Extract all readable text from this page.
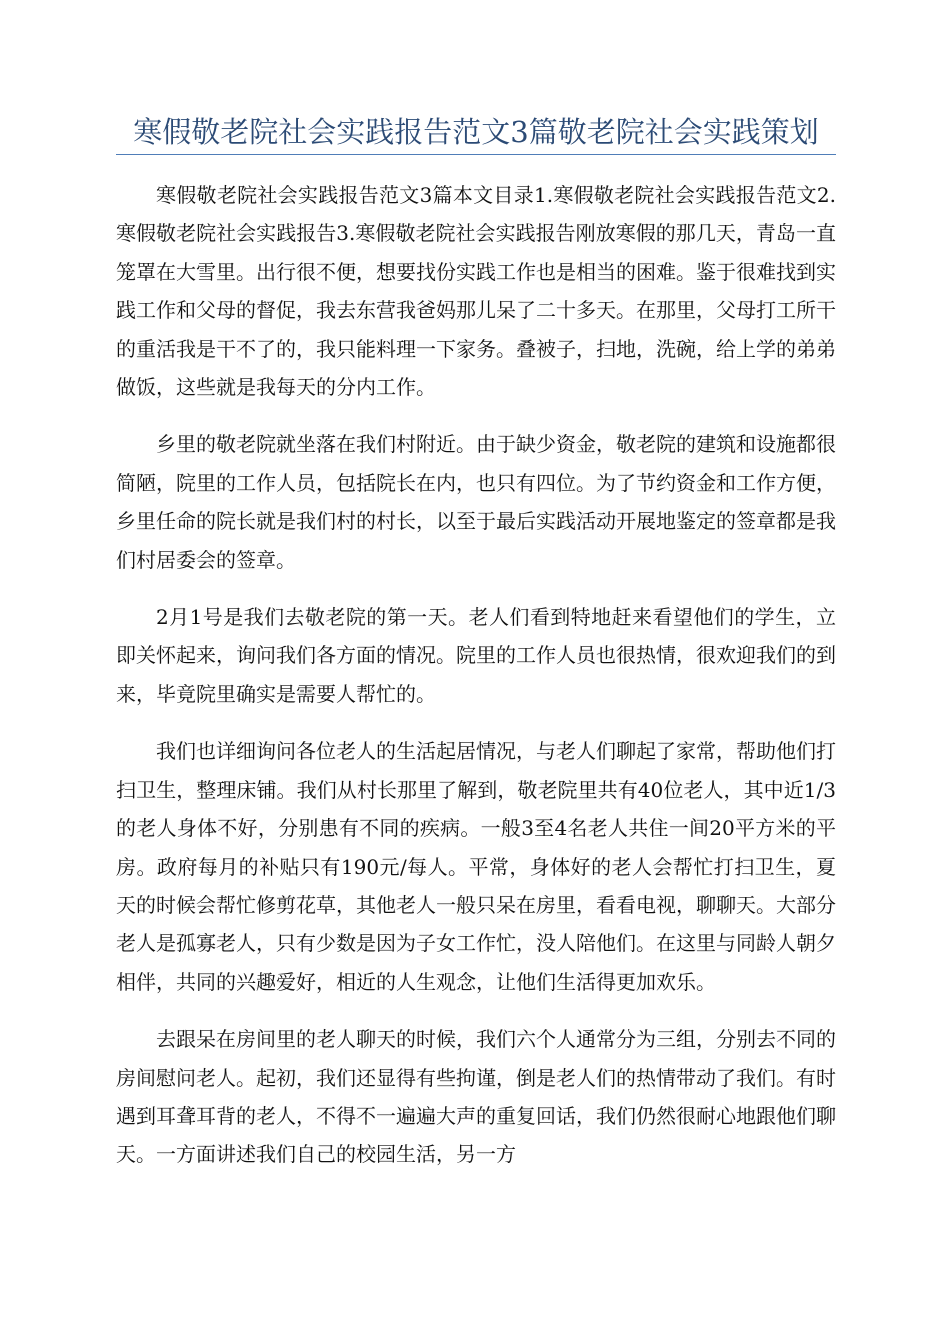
寒假敬老院社会实践报告范文3篇敬老院社会实践策划

寒假敬老院社会实践报告范文3篇本文目录1.寒假敬老院社会实践报告范文2.寒假敬老院社会实践报告3.寒假敬老院社会实践报告刚放寒假的那几天，青岛一直笼罩在大雪里。出行很不便，想要找份实践工作也是相当的困难。鉴于很难找到实践工作和父母的督促，我去东营我爸妈那儿呆了二十多天。在那里，父母打工所干的重活我是干不了的，我只能料理一下家务。叠被子，扫地，洗碗，给上学的弟弟做饭，这些就是我每天的分内工作。

乡里的敬老院就坐落在我们村附近。由于缺少资金，敬老院的建筑和设施都很简陋，院里的工作人员，包括院长在内，也只有四位。为了节约资金和工作方便，乡里任命的院长就是我们村的村长，以至于最后实践活动开展地鉴定的签章都是我们村居委会的签章。

2月1号是我们去敬老院的第一天。老人们看到特地赶来看望他们的学生，立即关怀起来，询问我们各方面的情况。院里的工作人员也很热情，很欢迎我们的到来，毕竟院里确实是需要人帮忙的。

我们也详细询问各位老人的生活起居情况，与老人们聊起了家常，帮助他们打扫卫生，整理床铺。我们从村长那里了解到，敬老院里共有40位老人，其中近1/3的老人身体不好，分别患有不同的疾病。一般3至4名老人共住一间20平方米的平房。政府每月的补贴只有190元/每人。平常，身体好的老人会帮忙打扫卫生，夏天的时候会帮忙修剪花草，其他老人一般只呆在房里，看看电视，聊聊天。大部分老人是孤寡老人，只有少数是因为子女工作忙，没人陪他们。在这里与同龄人朝夕相伴，共同的兴趣爱好，相近的人生观念，让他们生活得更加欢乐。

去跟呆在房间里的老人聊天的时候，我们六个人通常分为三组，分别去不同的房间慰问老人。起初，我们还显得有些拘谨，倒是老人们的热情带动了我们。有时遇到耳聋耳背的老人，不得不一遍遍大声的重复回话，我们仍然很耐心地跟他们聊天。一方面讲述我们自己的校园生活，另一方
